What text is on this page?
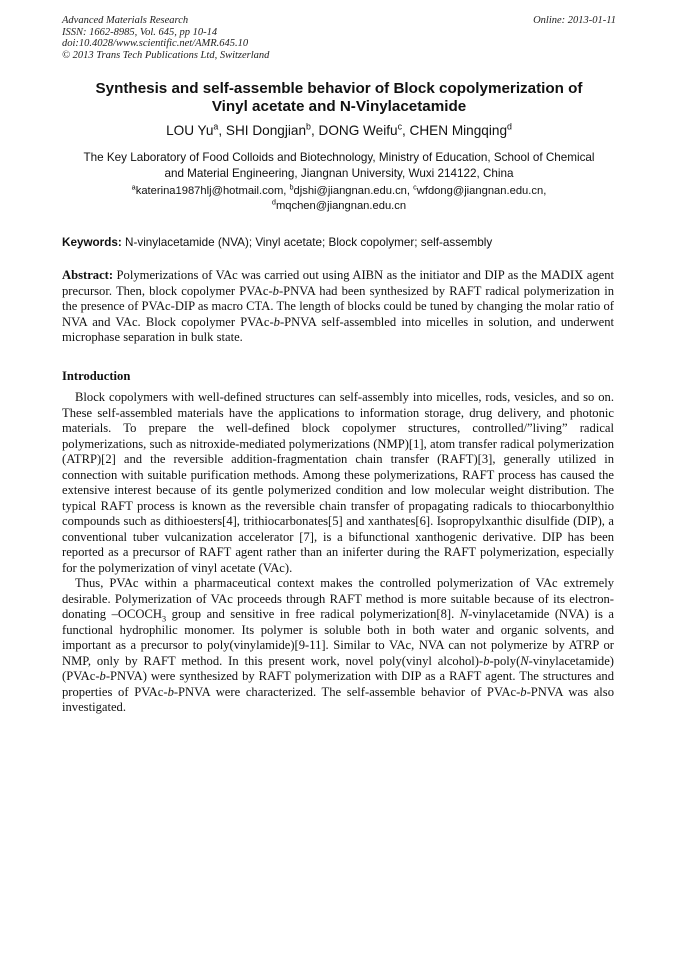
Advanced Materials Research
ISSN: 1662-8985, Vol. 645, pp 10-14
doi:10.4028/www.scientific.net/AMR.645.10
© 2013 Trans Tech Publications Ltd, Switzerland
Online: 2013-01-11
Synthesis and self-assemble behavior of Block copolymerization of
Vinyl acetate and N-Vinylacetamide
LOU Yu$^a$, SHI Dongjian$^b$, DONG Weifu$^c$, CHEN Mingqing$^d$
The Key Laboratory of Food Colloids and Biotechnology, Ministry of Education, School of Chemical
and Material Engineering, Jiangnan University, Wuxi 214122, China
$^a$katerina1987hlj@hotmail.com, $^b$djshi@jiangnan.edu.cn, $^c$wfdong@jiangnan.edu.cn,
$^d$mqchen@jiangnan.edu.cn
Keywords: N-vinylacetamide (NVA); Vinyl acetate; Block copolymer; self-assembly
Abstract: Polymerizations of VAc was carried out using AIBN as the initiator and DIP as the MADIX agent precursor. Then, block copolymer PVAc-b-PNVA had been synthesized by RAFT radical polymerization in the presence of PVAc-DIP as macro CTA. The length of blocks could be tuned by changing the molar ratio of NVA and VAc. Block copolymer PVAc-b-PNVA self-assembled into micelles in solution, and underwent microphase separation in bulk state.
Introduction

Block copolymers with well-defined structures can self-assembly into micelles, rods, vesicles, and so on. These self-assembled materials have the applications to information storage, drug delivery, and photonic materials. To prepare the well-defined block copolymer structures, controlled/”living” radical polymerizations, such as nitroxide-mediated polymerizations (NMP)[1], atom transfer radical polymerization (ATRP)[2] and the reversible addition-fragmentation chain transfer (RAFT)[3], generally utilized in connection with suitable purification methods. Among these polymerizations, RAFT process has caused the extensive interest because of its gentle polymerized condition and low molecular weight distribution. The typical RAFT process is known as the reversible chain transfer of propagating radicals to thiocarbonylthio compounds such as dithioesters[4], trithiocarbonates[5] and xanthates[6]. Isopropylxanthic disulfide (DIP), a conventional tuber vulcanization accelerator [7], is a bifunctional xanthogenic derivative. DIP has been reported as a precursor of RAFT agent rather than an iniferter during the RAFT polymerization, especially for the polymerization of vinyl acetate (VAc).

Thus, PVAc within a pharmaceutical context makes the controlled polymerization of VAc extremely desirable. Polymerization of VAc proceeds through RAFT method is more suitable because of its electron-donating $-OCOCH_3$ group and sensitive in free radical polymerization[8]. N-vinylacetamide (NVA) is a functional hydrophilic monomer. Its polymer is soluble both in both water and organic solvents, and important as a precursor to poly(vinylamide)[9-11]. Similar to VAc, NVA can not polymerize by ATRP or NMP, only by RAFT method. In this present work, novel poly(vinyl alcohol)-b-poly(N-vinylacetamide) (PVAc-b-PNVA) were synthesized by RAFT polymerization with DIP as a RAFT agent. The structures and properties of PVAc-b-PNVA were characterized. The self-assemble behavior of PVAc-b-PNVA was also investigated.
